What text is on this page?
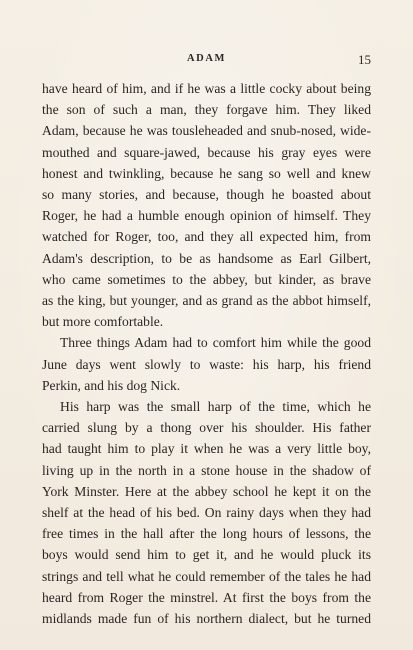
ADAM	15

have heard of him, and if he was a little cocky about being
the son of such a man, they forgave him. They liked
Adam, because he was tousleheaded and snub-nosed, wide-
mouthed and square-jawed, because his gray eyes were
honest and twinkling, because he sang so well and knew
so many stories, and because, though he boasted about
Roger, he had a humble enough opinion of himself. They
watched for Roger, too, and they all expected him, from
Adam's description, to be as handsome as Earl Gilbert,
who came sometimes to the abbey, but kinder, as brave
as the king, but younger, and as grand as the abbot himself,
but more comfortable.

Three things Adam had to comfort him while the good
June days went slowly to waste: his harp, his friend
Perkin, and his dog Nick.

His harp was the small harp of the time, which he
carried slung by a thong over his shoulder. His father
had taught him to play it when he was a very little boy,
living up in the north in a stone house in the shadow of
York Minster. Here at the abbey school he kept it on the
shelf at the head of his bed. On rainy days when they had
free times in the hall after the long hours of lessons, the
boys would send him to get it, and he would pluck its
strings and tell what he could remember of the tales he had
heard from Roger the minstrel. At first the boys from the
midlands made fun of his northern dialect, but he turned
